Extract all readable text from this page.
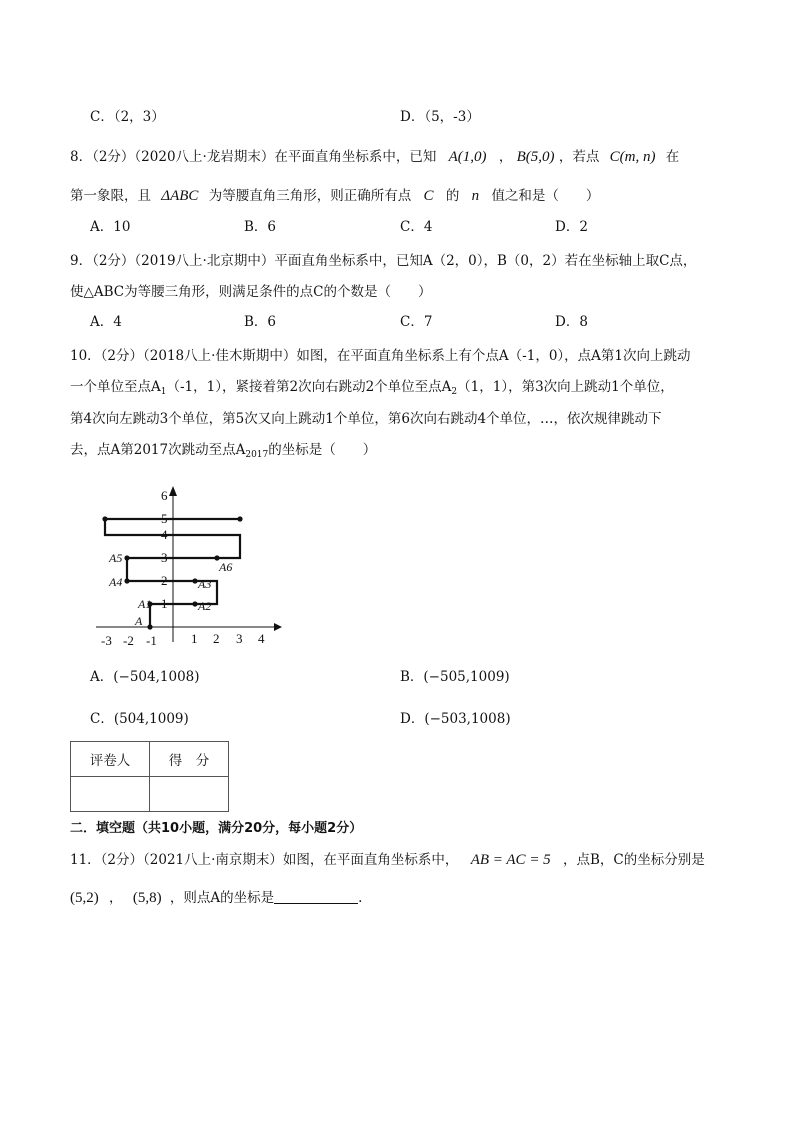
C．（2，3）	D．（5，-3）
8．（2分）（2020八上·龙岩期末）在平面直角坐标系中，已知 A(1,0) ， B(5,0) ，若点 C(m, n) 在
第一象限，且 ΔABC 为等腰直角三角形，则正确所有点 C 的 n 值之和是（　　）
A．10	B．6	C．4	D．2
9．（2分）（2019八上·北京期中）平面直角坐标系中，已知A（2，0），B（0，2）若在坐标轴上取C点，
使△ABC为等腰三角形，则满足条件的点C的个数是（　　）
A．4	B．6	C．7	D．8
10．（2分）（2018八上·佳木斯期中）如图，在平面直角坐标系上有个点A（-1，0），点A第1次向上跳动
一个单位至点$A_1(-1$，1），紧接着第2次向右跳动2个单位至点$A_2(1$，1），第3次向上跳动1个单位，
第4次向左跳动3个单位，第5次又向上跳动1个单位，第6次向右跳动4个单位，…，依次规律跳动下
去，点A第2017次跳动至点$A_{2017}$的坐标是（　　）
-3 -2 -1	1 2 3 4
1
2
3
4
5
6
A
A1	A2
A3
A4
A5
A6
A．(−504,1008)	B．(−505,1009)
C．(504,1009)	D．(−503,1008)
评卷人	得　分

二．填空题（共10小题，满分20分，每小题2分）
11．（2分）（2021八上·南京期末）如图，在平面直角坐标系中， AB = AC = 5 ，点B，C的坐标分别是
(5,2) ， (5,8) ，则点A的坐标是	.
